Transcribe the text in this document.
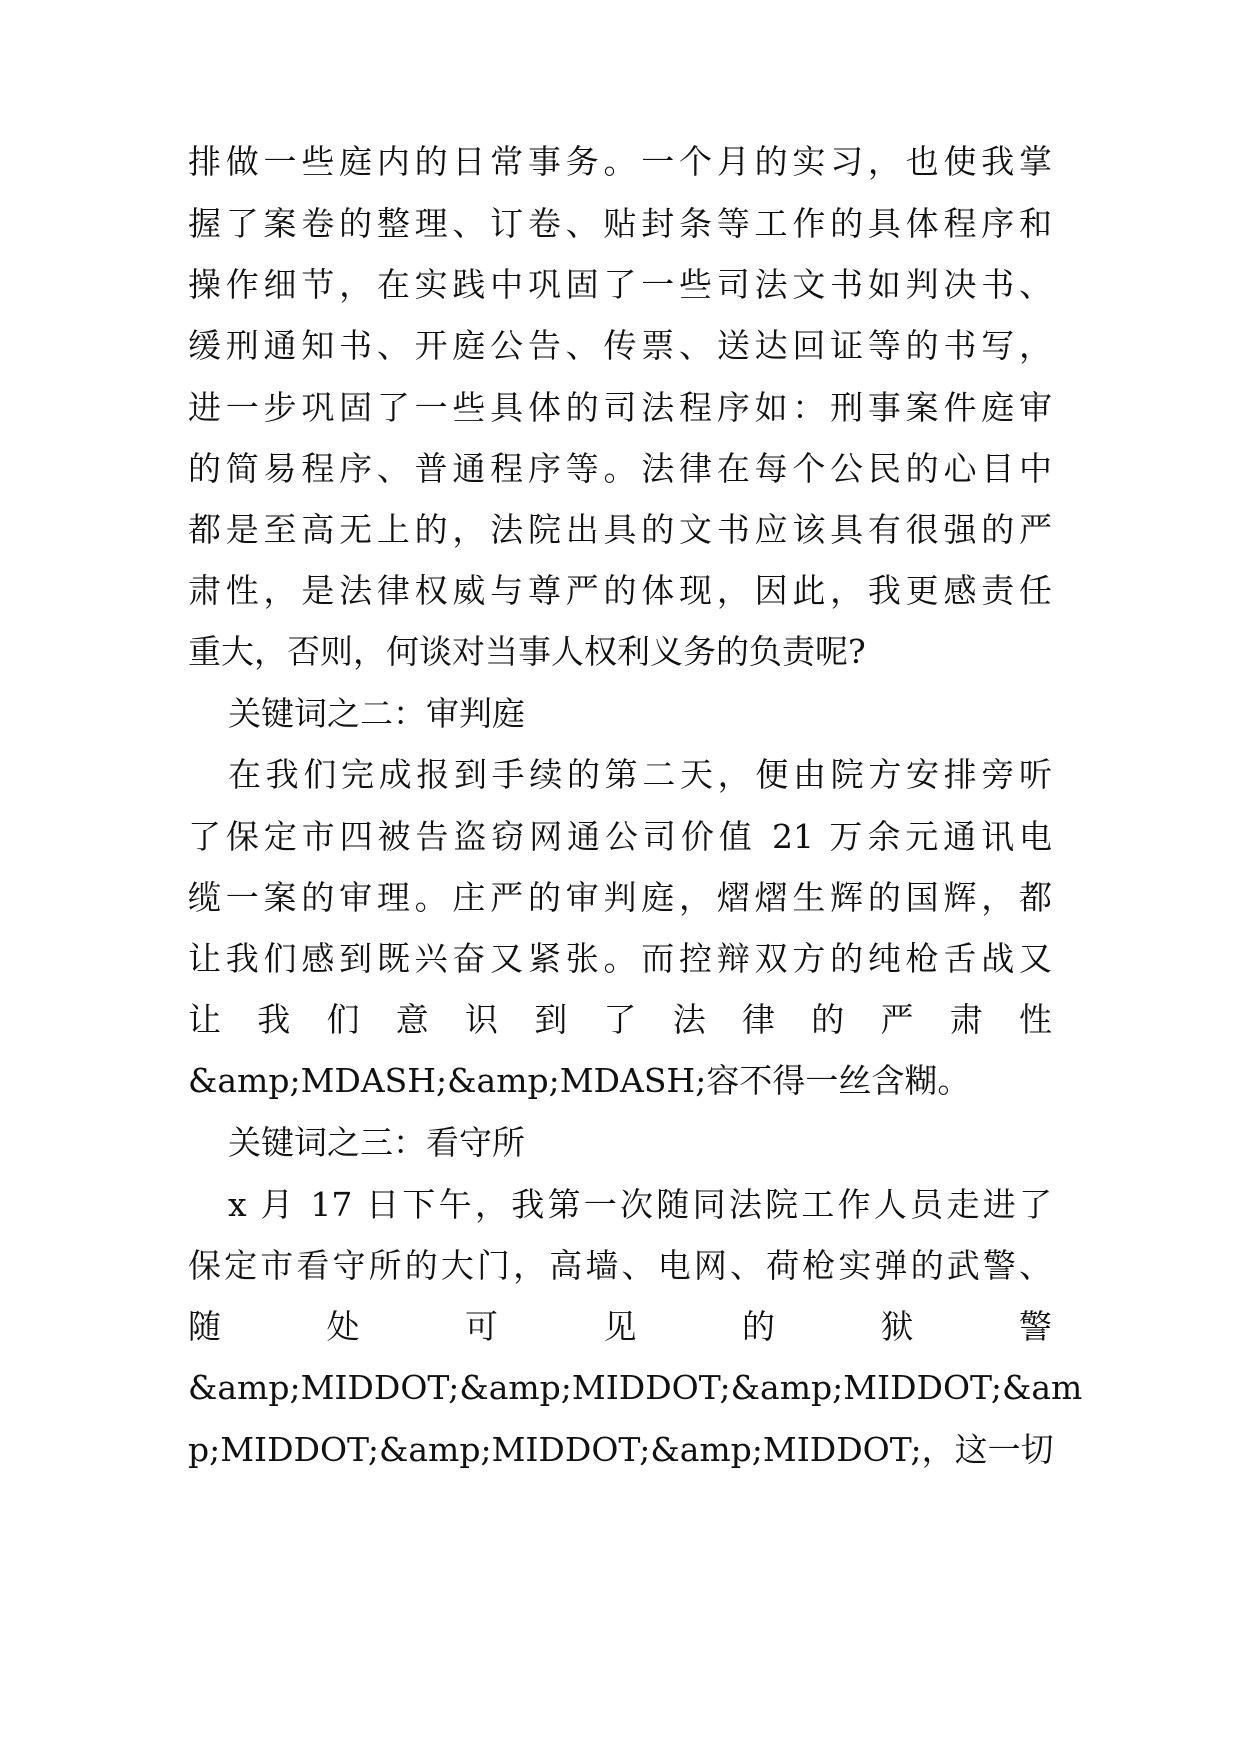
排做一些庭内的日常事务。一个月的实习，也使我掌
握了案卷的整理、订卷、贴封条等工作的具体程序和
操作细节，在实践中巩固了一些司法文书如判决书、
缓刑通知书、开庭公告、传票、送达回证等的书写，
进一步巩固了一些具体的司法程序如：刑事案件庭审
的简易程序、普通程序等。法律在每个公民的心目中
都是至高无上的，法院出具的文书应该具有很强的严
肃性，是法律权威与尊严的体现，因此，我更感责任
重大，否则，何谈对当事人权利义务的负责呢?
关键词之二：审判庭
在我们完成报到手续的第二天，便由院方安排旁听
了保定市四被告盗窃网通公司价值 21 万余元通讯电
缆一案的审理。庄严的审判庭，熠熠生辉的国辉，都
让我们感到既兴奋又紧张。而控辩双方的纯枪舌战又
让 我 们 意 识 到 了 法 律 的 严 肃 性
&amp;MDASH;&amp;MDASH;容不得一丝含糊。
关键词之三：看守所
x 月 17 日下午，我第一次随同法院工作人员走进了
保定市看守所的大门，高墙、电网、荷枪实弹的武警、
随 处 可 见 的 狱 警
&amp;MIDDOT;&amp;MIDDOT;&amp;MIDDOT;&am
p;MIDDOT;&amp;MIDDOT;&amp;MIDDOT;，这一切
